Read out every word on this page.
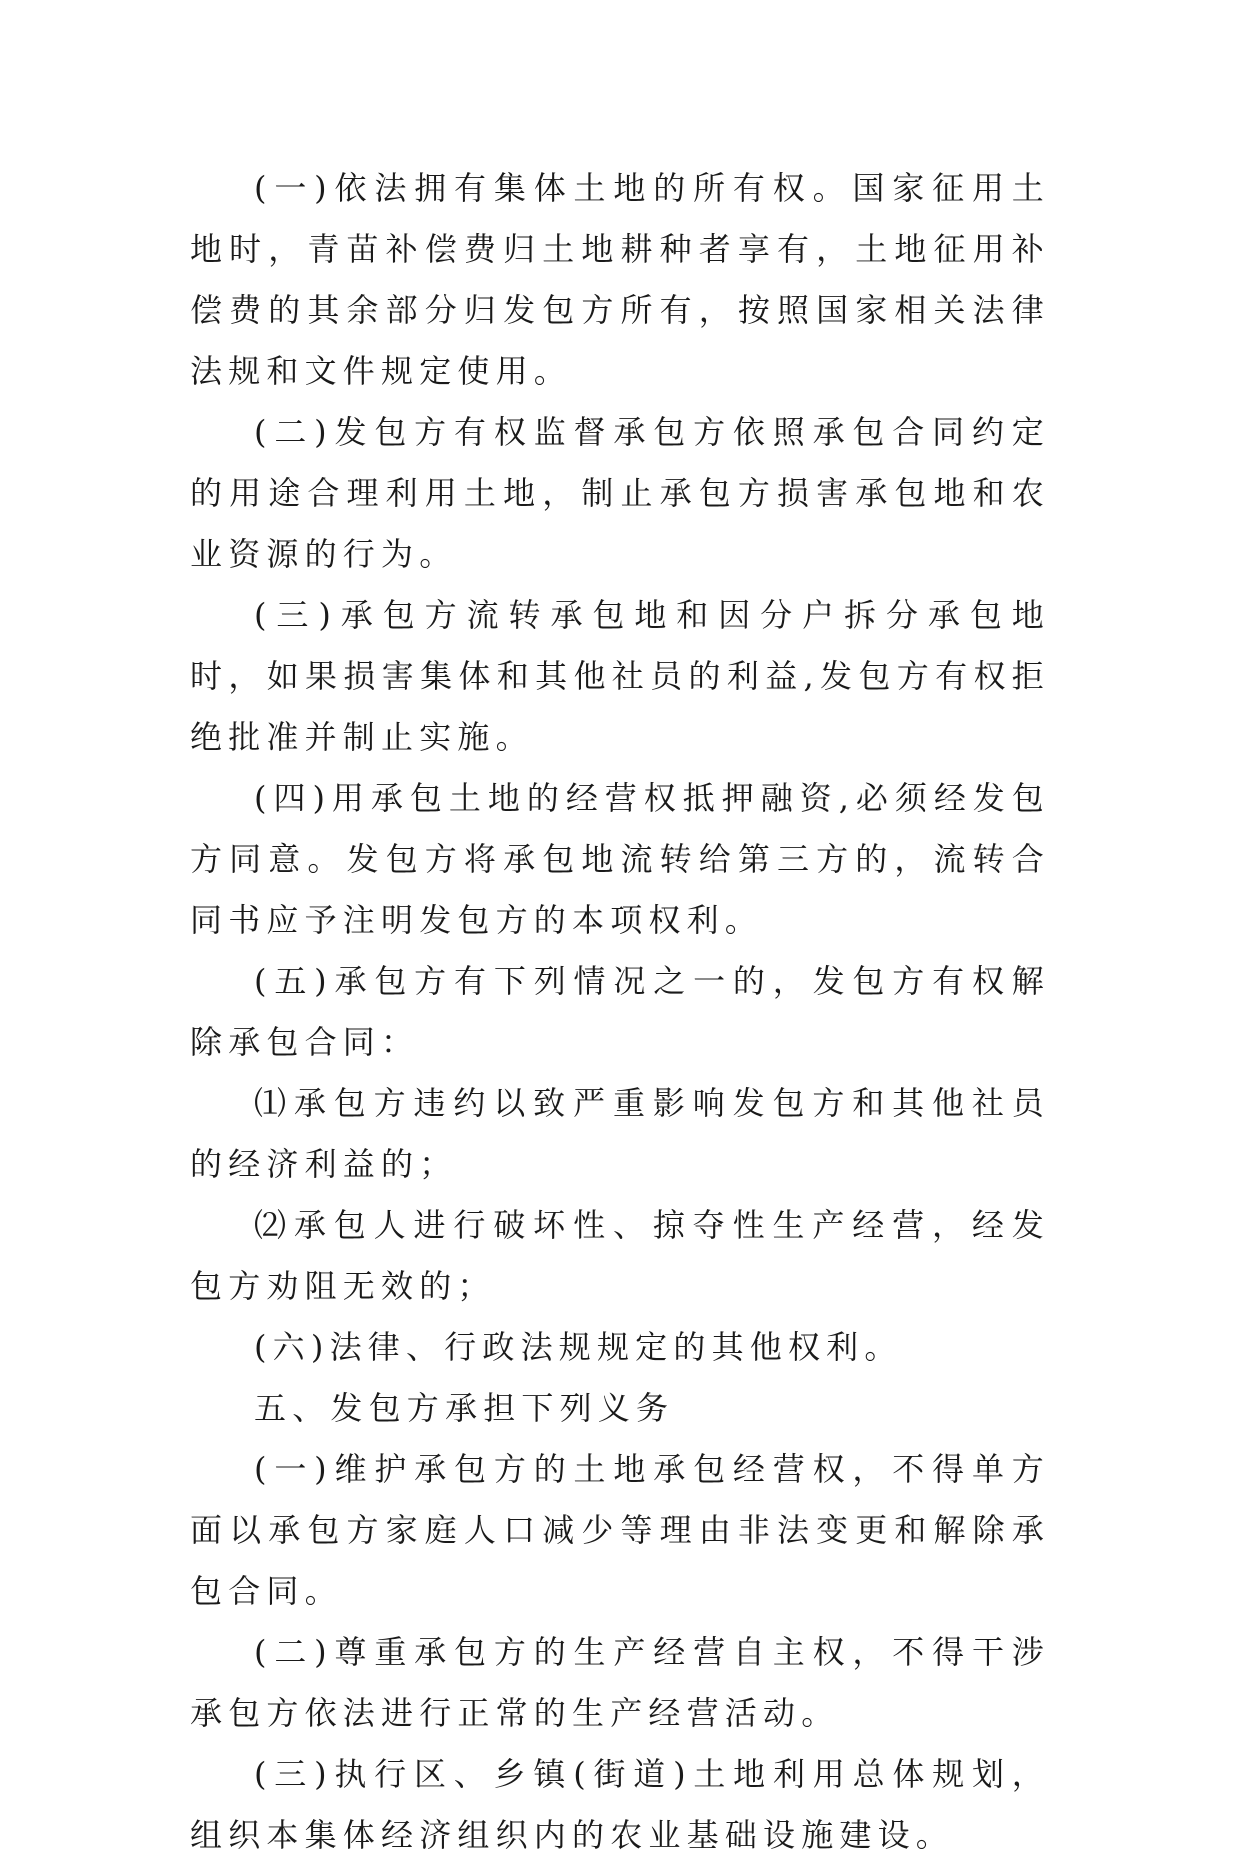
(一)依法拥有集体土地的所有权。国家征用土地时，青苗补偿费归土地耕种者享有，土地征用补偿费的其余部分归发包方所有，按照国家相关法律法规和文件规定使用。

(二)发包方有权监督承包方依照承包合同约定的用途合理利用土地，制止承包方损害承包地和农业资源的行为。

(三)承包方流转承包地和因分户拆分承包地时，如果损害集体和其他社员的利益,发包方有权拒绝批准并制止实施。

(四)用承包土地的经营权抵押融资,必须经发包方同意。发包方将承包地流转给第三方的，流转合同书应予注明发包方的本项权利。

(五)承包方有下列情况之一的，发包方有权解除承包合同：

⑴承包方违约以致严重影响发包方和其他社员的经济利益的；

⑵承包人进行破坏性、掠夺性生产经营，经发包方劝阻无效的；

(六)法律、行政法规规定的其他权利。

五、发包方承担下列义务

(一)维护承包方的土地承包经营权，不得单方面以承包方家庭人口减少等理由非法变更和解除承包合同。

(二)尊重承包方的生产经营自主权，不得干涉承包方依法进行正常的生产经营活动。

(三)执行区、乡镇(街道)土地利用总体规划，组织本集体经济组织内的农业基础设施建设。
